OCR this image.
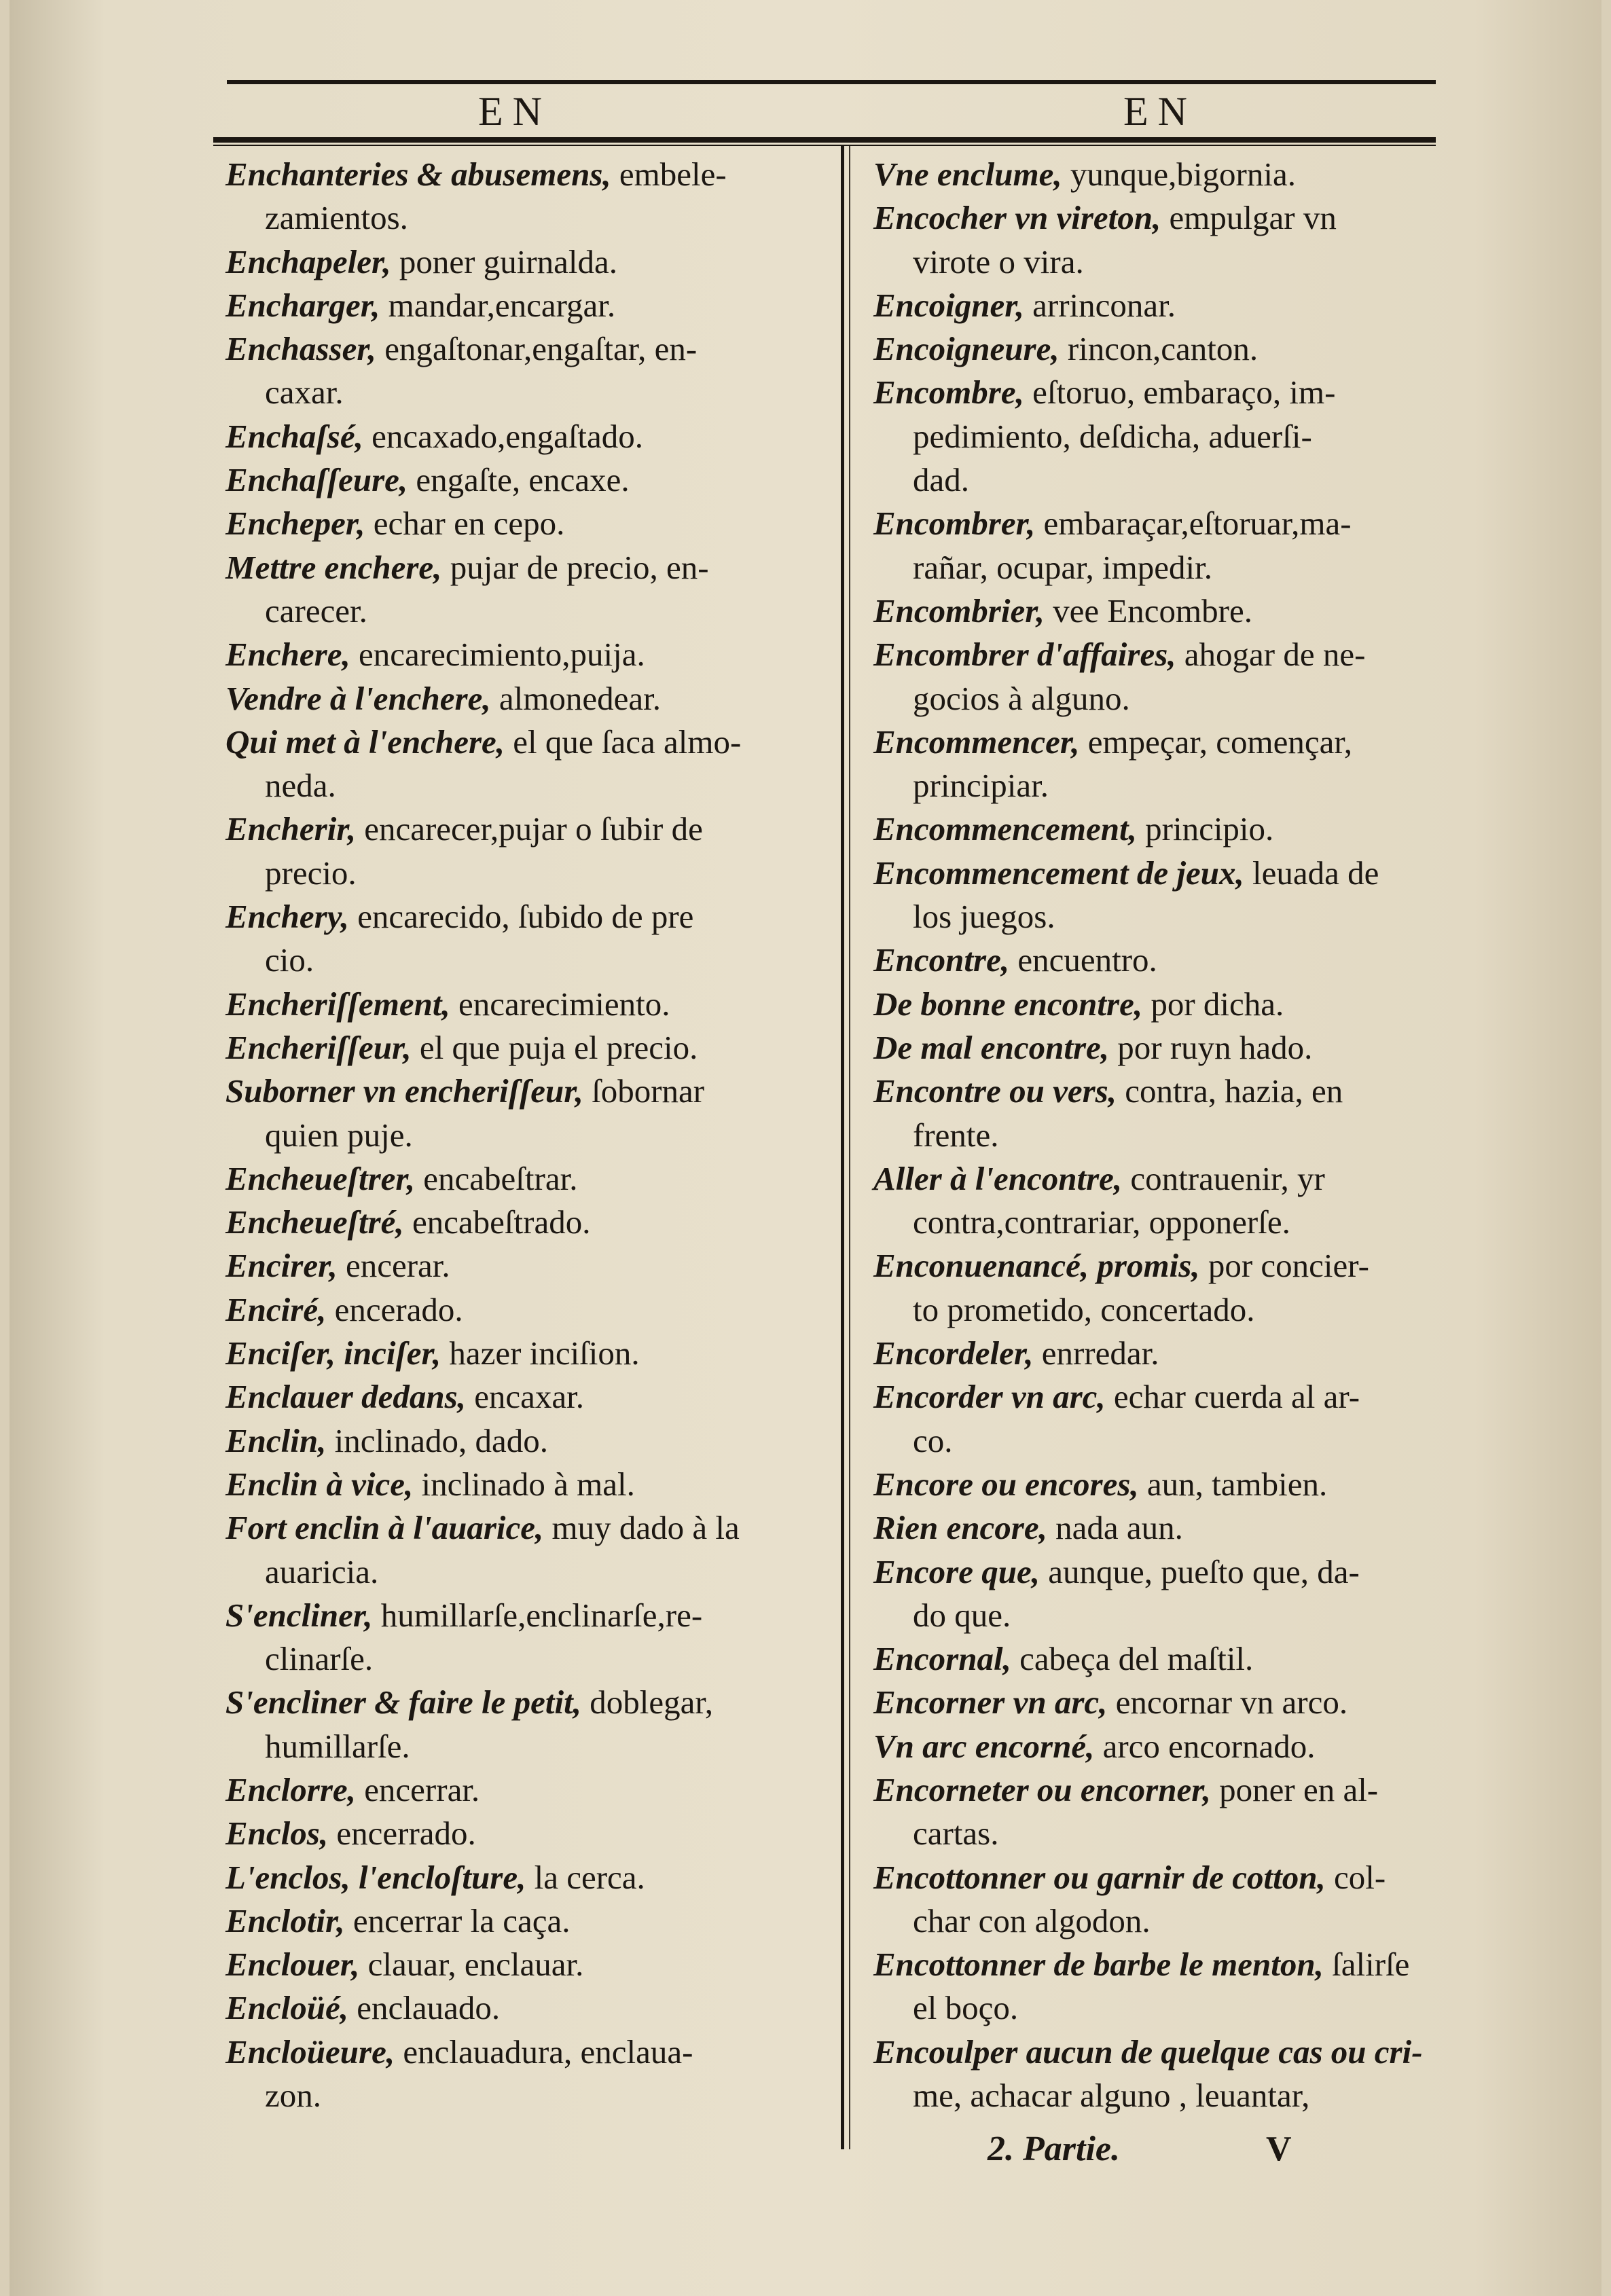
EN	EN
Enchanteries & abusemens, embele-
zamientos.
Enchapeler, poner guirnalda.
Encharger, mandar,encargar.
Enchasser, engaſtonar,engaſtar, en-
caxar.
Enchaſsé, encaxado,engaſtado.
Enchaſſeure, engaſte, encaxe.
Encheper, echar en cepo.
Mettre enchere, pujar de precio, en-
carecer.
Enchere, encarecimiento,puija.
Vendre à l'enchere, almonedear.
Qui met à l'enchere, el que ſaca almo-
neda.
Encherir, encarecer,pujar o ſubir de
precio.
Enchery, encarecido, ſubido de pre
cio.
Encheriſſement, encarecimiento.
Encheriſſeur, el que puja el precio.
Suborner vn encheriſſeur, ſobornar
quien puje.
Encheueſtrer, encabeſtrar.
Encheueſtré, encabeſtrado.
Encirer, encerar.
Enciré, encerado.
Enciſer, inciſer, hazer inciſion.
Enclauer dedans, encaxar.
Enclin, inclinado, dado.
Enclin à vice, inclinado à mal.
Fort enclin à l'auarice, muy dado à la
auaricia.
S'encliner, humillarſe,enclinarſe,re-
clinarſe.
S'encliner & faire le petit, doblegar,
humillarſe.
Enclorre, encerrar.
Enclos, encerrado.
L'enclos, l'encloſture, la cerca.
Enclotir, encerrar la caça.
Enclouer, clauar, enclauar.
Encloüé, enclauado.
Encloüeure, enclauadura, enclaua-
zon.
Vne enclume, yunque,bigornia.
Encocher vn vireton, empulgar vn
virote o vira.
Encoigner, arrinconar.
Encoigneure, rincon,canton.
Encombre, eſtoruo, embaraço, im-
pedimiento, deſdicha, aduerſi-
dad.
Encombrer, embaraçar,eſtoruar,ma-
rañar, ocupar, impedir.
Encombrier, vee Encombre.
Encombrer d'affaires, ahogar de ne-
gocios à alguno.
Encommencer, empeçar, començar,
principiar.
Encommencement, principio.
Encommencement de jeux, leuada de
los juegos.
Encontre, encuentro.
De bonne encontre, por dicha.
De mal encontre, por ruyn hado.
Encontre ou vers, contra, hazia, en
frente.
Aller à l'encontre, contrauenir, yr
contra,contrariar, opponerſe.
Enconuenancé, promis, por concier-
to prometido, concertado.
Encordeler, enrredar.
Encorder vn arc, echar cuerda al ar-
co.
Encore ou encores, aun, tambien.
Rien encore, nada aun.
Encore que, aunque, pueſto que, da-
do que.
Encornal, cabeça del maſtil.
Encorner vn arc, encornar vn arco.
Vn arc encorné, arco encornado.
Encorneter ou encorner, poner en al-
cartas.
Encottonner ou garnir de cotton, col-
char con algodon.
Encottonner de barbe le menton, ſalirſe
el boço.
Encoulper aucun de quelque cas ou cri-
me, achacar alguno , leuantar,
2. Partie.	V
